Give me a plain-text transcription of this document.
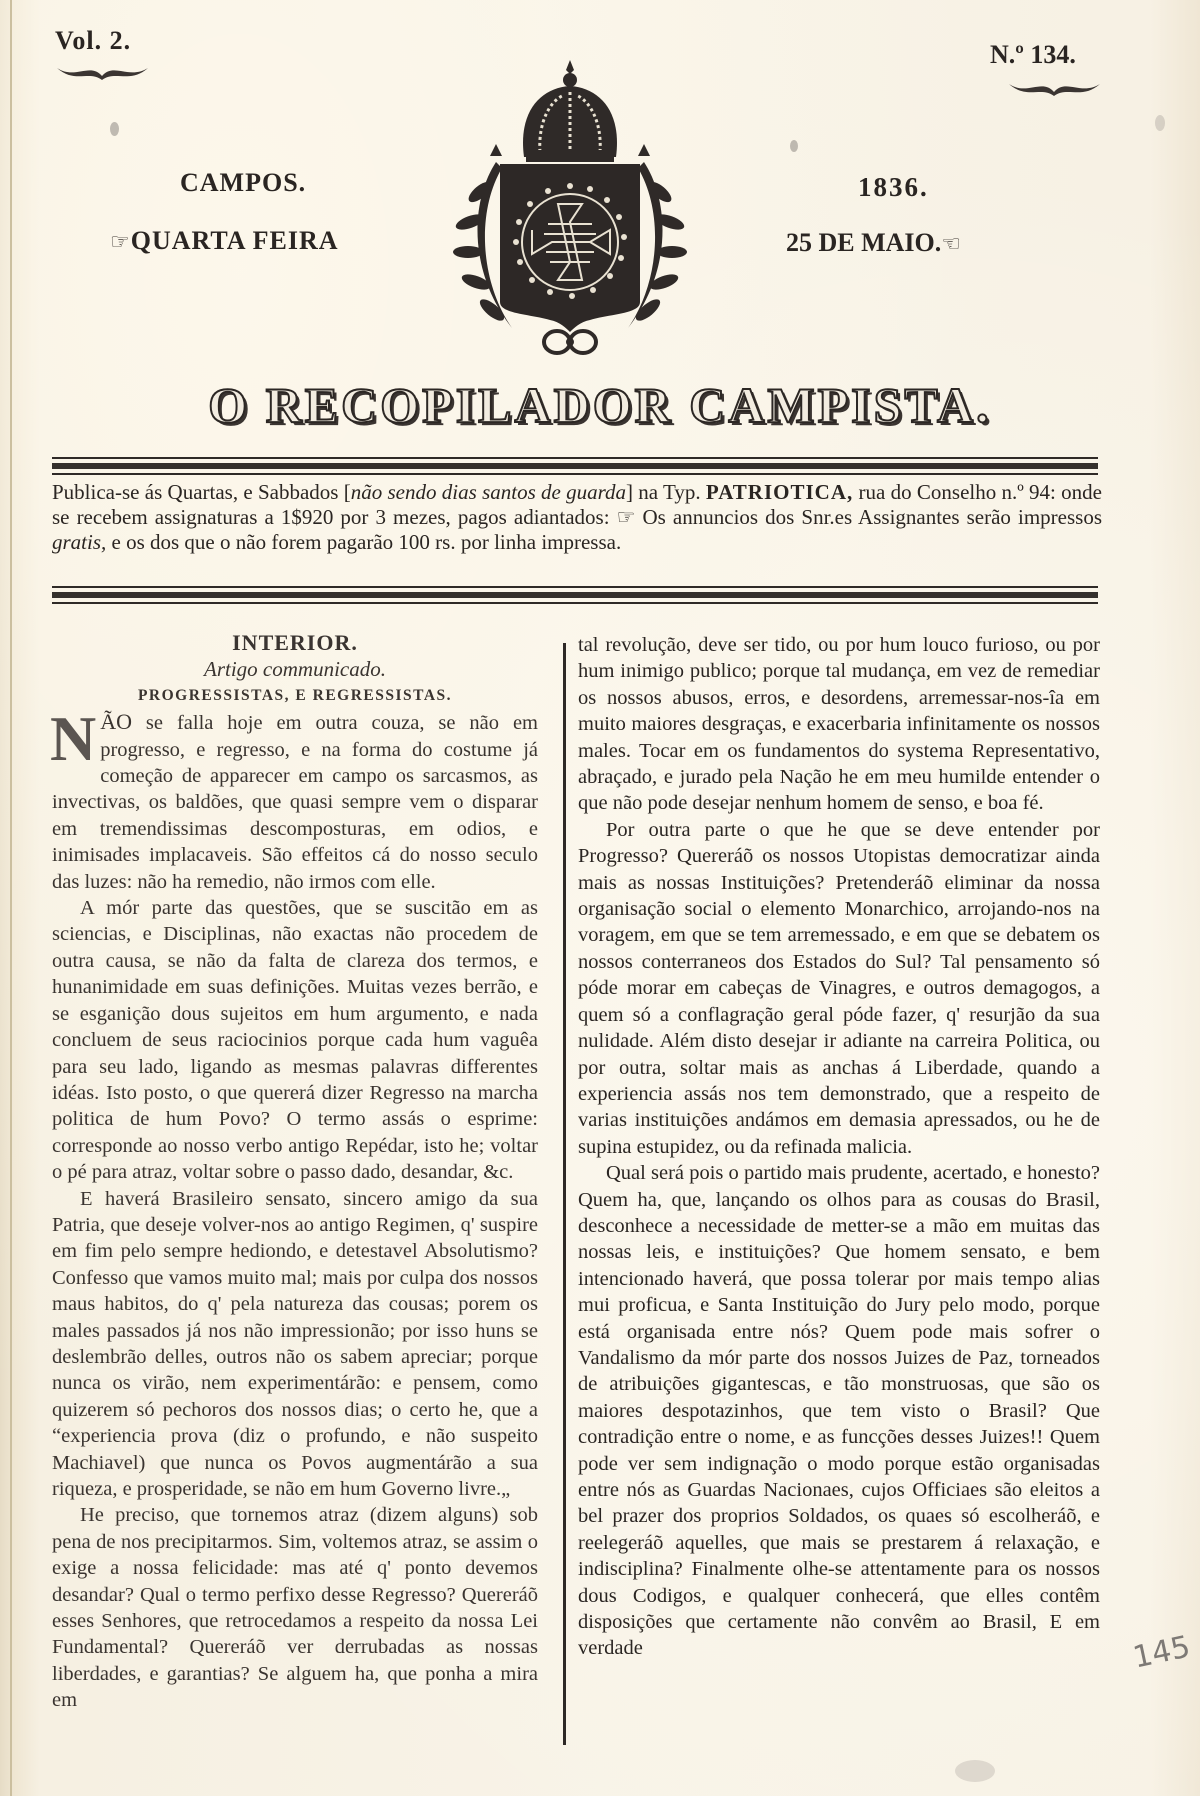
Vol. 2.	N.º 134.
CAMPOS.
☞QUARTA FEIRA
1836.
25 DE MAIO.☜
O RECOPILADOR CAMPISTA.
Publica-se ás Quartas, e Sabbados [não sendo dias santos de guarda] na Typ. PATRIOTICA, rua do Conselho n.º 94: onde se recebem assignaturas a 1$920 por 3 mezes, pagos adiantados: ☞ Os annuncios dos Snr.es Assignantes serão impressos gratis, e os dos que o não forem pagarão 100 rs. por linha impressa.

INTERIOR.

Artigo communicado.

PROGRESSISTAS, E REGRESSISTAS.

NÃO se falla hoje em outra couza, se não em progresso, e regresso, e na forma do costume já começão de apparecer em campo os sarcasmos, as invectivas, os baldões, que quasi sempre vem o disparar em tremendissimas descomposturas, em odios, e inimisades implacaveis. São effeitos cá do nosso seculo das luzes: não ha remedio, não irmos com elle.

A mór parte das questões, que se suscitão em as sciencias, e Disciplinas, não exactas não procedem de outra causa, se não da falta de clareza dos termos, e hunanimidade em suas definições. Muitas vezes berrão, e se esganição dous sujeitos em hum argumento, e nada concluem de seus raciocinios porque cada hum vaguêa para seu lado, ligando as mesmas palavras differentes idéas. Isto posto, o que quererá dizer Regresso na marcha politica de hum Povo? O termo assás o esprime: corresponde ao nosso verbo antigo Repédar, isto he; voltar o pé para atraz, voltar sobre o passo dado, desandar, &c.

E haverá Brasileiro sensato, sincero amigo da sua Patria, que deseje volver-nos ao antigo Regimen, q' suspire em fim pelo sempre hediondo, e detestavel Absolutismo? Confesso que vamos muito mal; mais por culpa dos nossos maus habitos, do q' pela natureza das cousas; porem os males passados já nos não impressionão; por isso huns se deslembrão delles, outros não os sabem apreciar; porque nunca os virão, nem experimentárão: e pensem, como quizerem só pechoros dos nossos dias; o certo he, que a “experiencia prova (diz o profundo, e não suspeito Machiavel) que nunca os Povos augmentárão a sua riqueza, e prosperidade, se não em hum Governo livre.„

He preciso, que tornemos atraz (dizem alguns) sob pena de nos precipitarmos. Sim, voltemos atraz, se assim o exige a nossa felicidade: mas até q' ponto devemos desandar? Qual o termo perfixo desse Regresso? Quereráõ esses Senhores, que retrocedamos a respeito da nossa Lei Fundamental? Quereráõ ver derrubadas as nossas liberdades, e garantias? Se alguem ha, que ponha a mira em

tal revolução, deve ser tido, ou por hum louco furioso, ou por hum inimigo publico; porque tal mudança, em vez de remediar os nossos abusos, erros, e desordens, arremessar-nos-îa em muito maiores desgraças, e exacerbaria infinitamente os nossos males. Tocar em os fundamentos do systema Representativo, abraçado, e jurado pela Nação he em meu humilde entender o que não pode desejar nenhum homem de senso, e boa fé.

Por outra parte o que he que se deve entender por Progresso? Quereráõ os nossos Utopistas democratizar ainda mais as nossas Instituições? Pretenderáõ eliminar da nossa organisação social o elemento Monarchico, arrojando-nos na voragem, em que se tem arremessado, e em que se debatem os nossos conterraneos dos Estados do Sul? Tal pensamento só póde morar em cabeças de Vinagres, e outros demagogos, a quem só a conflagração geral póde fazer, q' resurjão da sua nulidade. Além disto desejar ir adiante na carreira Politica, ou por outra, soltar mais as anchas á Liberdade, quando a experiencia assás nos tem demonstrado, que a respeito de varias instituições andámos em demasia apressados, ou he de supina estupidez, ou da refinada malicia.

Qual será pois o partido mais prudente, acertado, e honesto? Quem ha, que, lançando os olhos para as cousas do Brasil, desconhece a necessidade de metter-se a mão em muitas das nossas leis, e instituições? Que homem sensato, e bem intencionado haverá, que possa tolerar por mais tempo alias mui proficua, e Santa Instituição do Jury pelo modo, porque está organisada entre nós? Quem pode mais sofrer o Vandalismo da mór parte dos nossos Juizes de Paz, torneados de atribuições gigantescas, e tão monstruosas, que são os maiores despotazinhos, que tem visto o Brasil? Que contradição entre o nome, e as funcções desses Juizes!! Quem pode ver sem indignação o modo porque estão organisadas entre nós as Guardas Nacionaes, cujos Officiaes são eleitos a bel prazer dos proprios Soldados, os quaes só escolheráõ, e reelegeráõ aquelles, que mais se prestarem á relaxação, e indisciplina? Finalmente olhe-se attentamente para os nossos dous Codigos, e qualquer conhecerá, que elles contêm disposições que certamente não convêm ao Brasil, E em verdade	145
